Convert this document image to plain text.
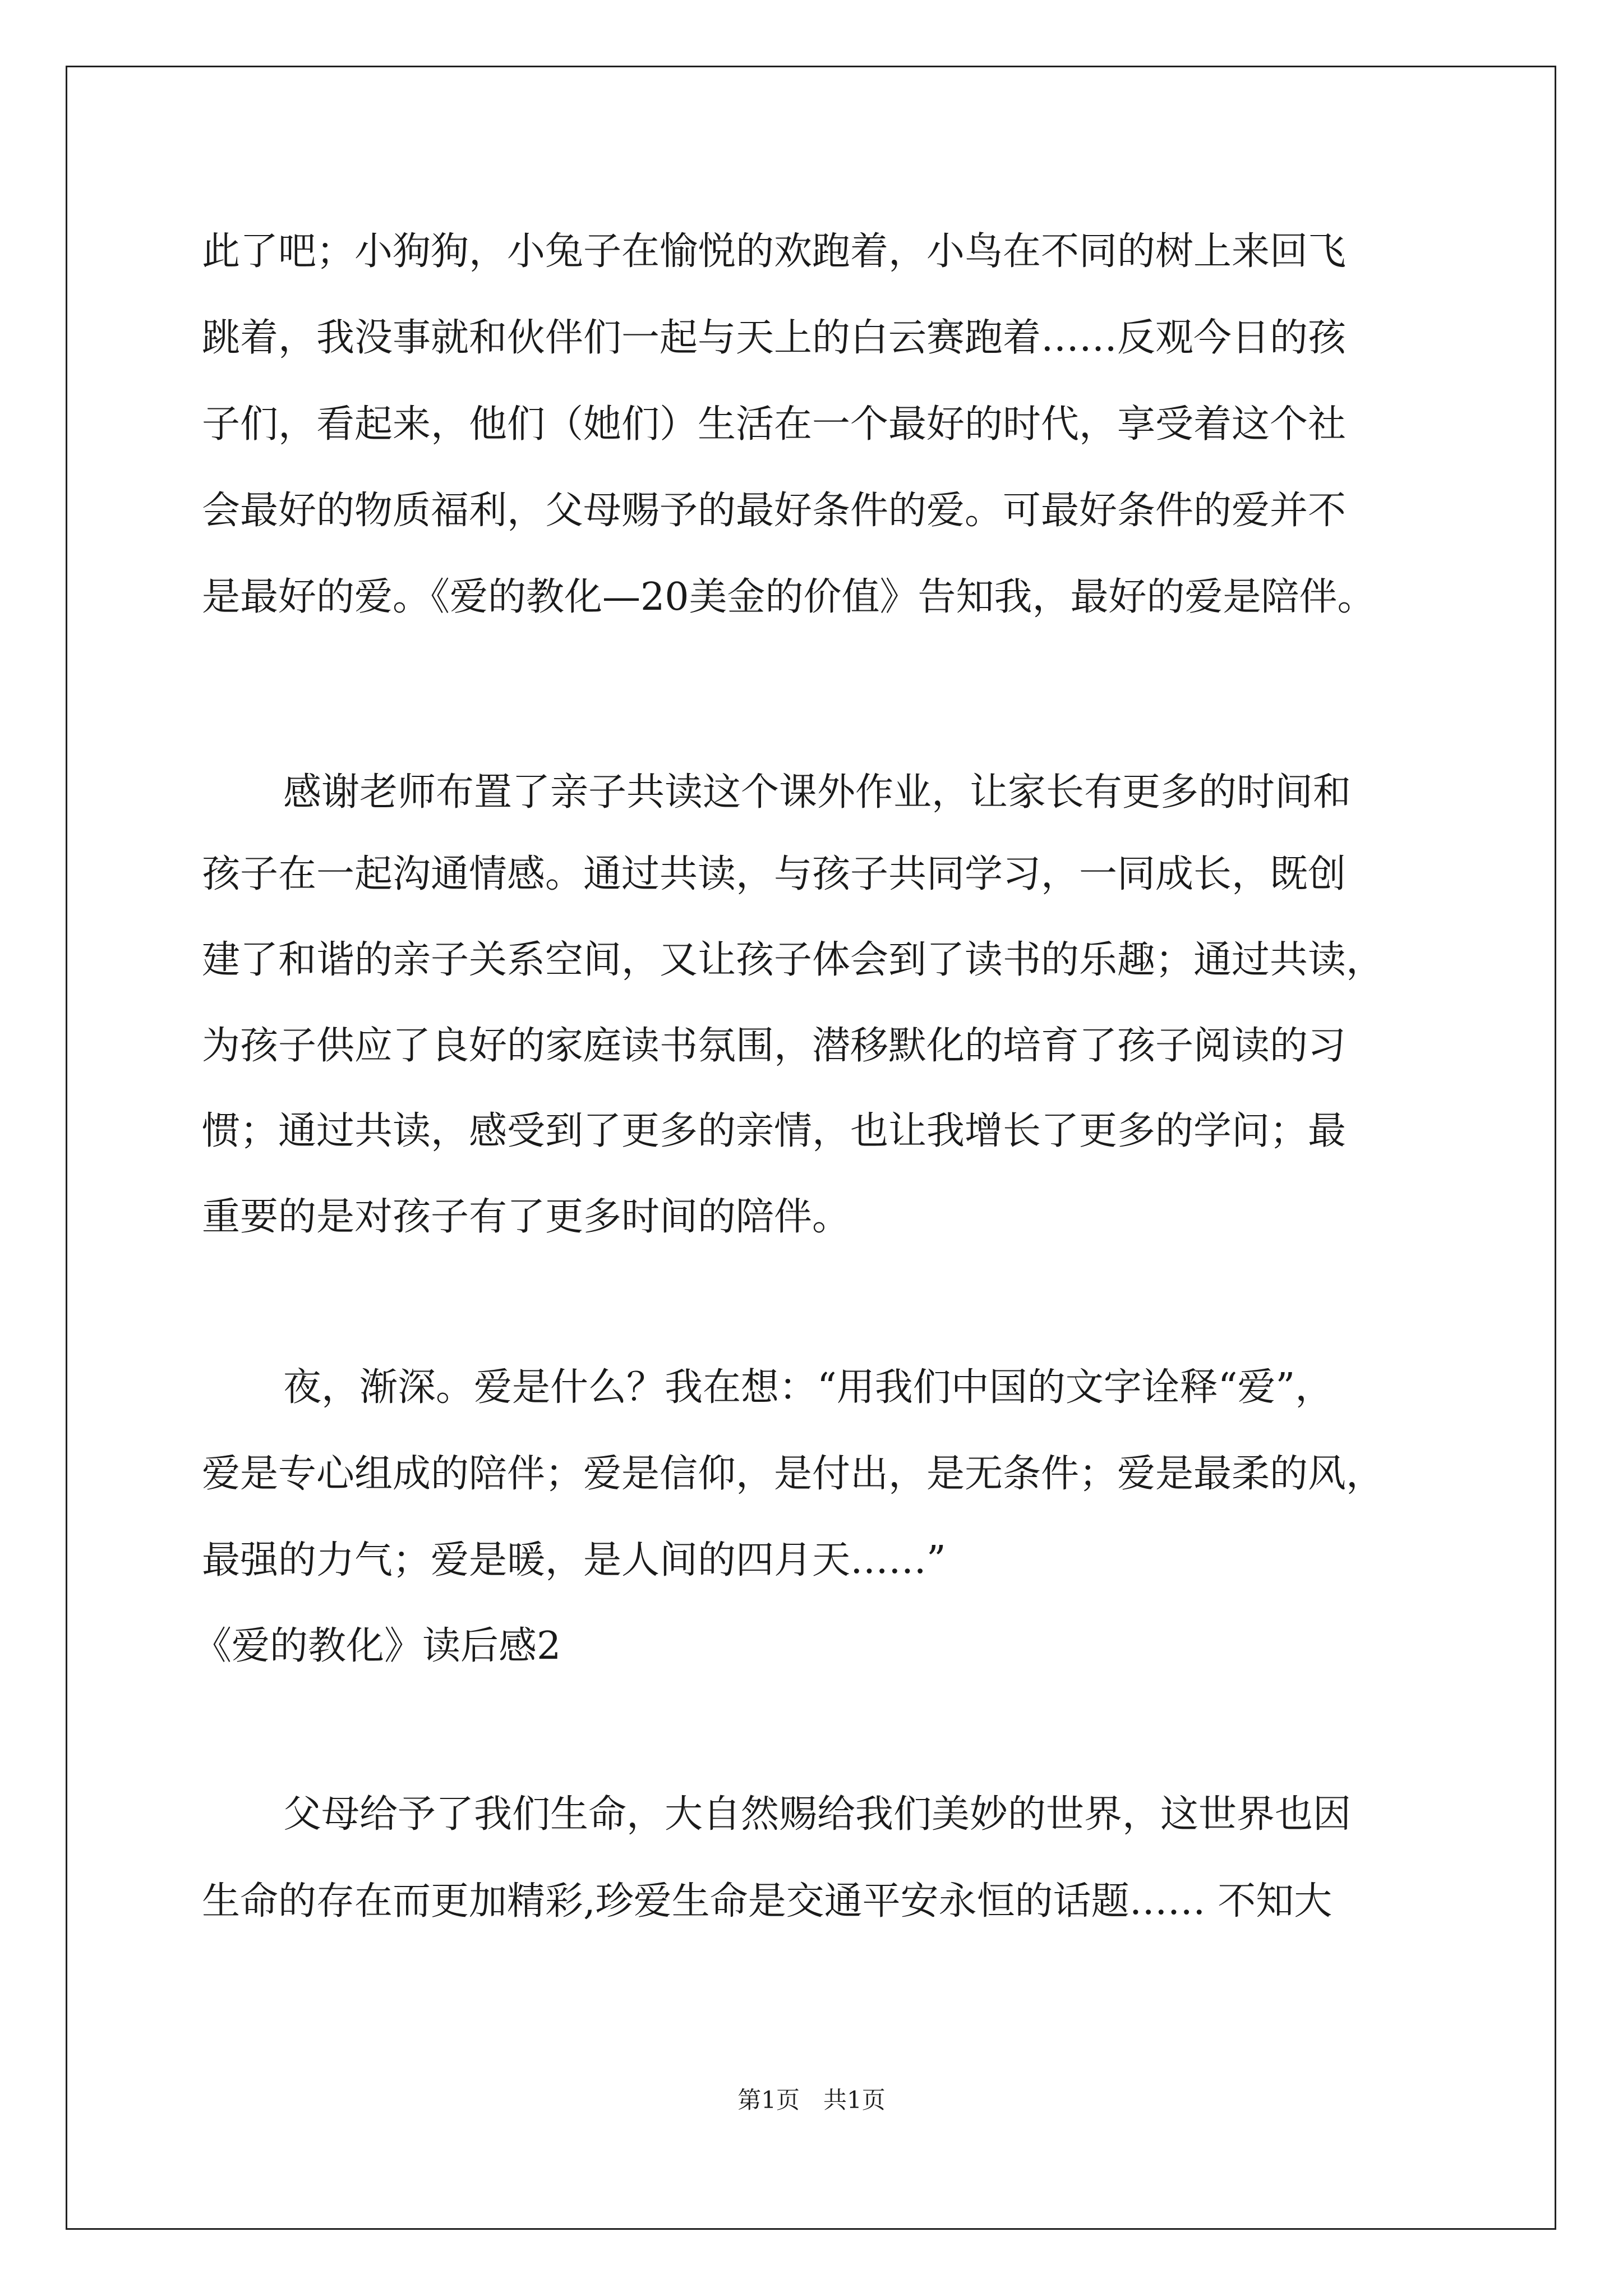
此了吧；小狗狗，小兔子在愉悦的欢跑着，小鸟在不同的树上来回飞
跳着，我没事就和伙伴们一起与天上的白云赛跑着……反观今日的孩
子们，看起来，他们（她们）生活在一个最好的时代，享受着这个社
会最好的物质福利，父母赐予的最好条件的爱。可最好条件的爱并不
是最好的爱。《爱的教化—20美金的价值》告知我，最好的爱是陪伴。
感谢老师布置了亲子共读这个课外作业，让家长有更多的时间和
孩子在一起沟通情感。通过共读，与孩子共同学习，一同成长，既创
建了和谐的亲子关系空间，又让孩子体会到了读书的乐趣；通过共读，
为孩子供应了良好的家庭读书氛围，潜移默化的培育了孩子阅读的习
惯；通过共读，感受到了更多的亲情，也让我增长了更多的学问；最
重要的是对孩子有了更多时间的陪伴。
夜，渐深。爱是什么？我在想：“用我们中国的文字诠释“爱”，
爱是专心组成的陪伴；爱是信仰，是付出，是无条件；爱是最柔的风，
最强的力气；爱是暖，是人间的四月天……”
《爱的教化》读后感2
父母给予了我们生命，大自然赐给我们美妙的世界，这世界也因
生命的存在而更加精彩,珍爱生命是交通平安永恒的话题…… 不知大
第1页　共1页
